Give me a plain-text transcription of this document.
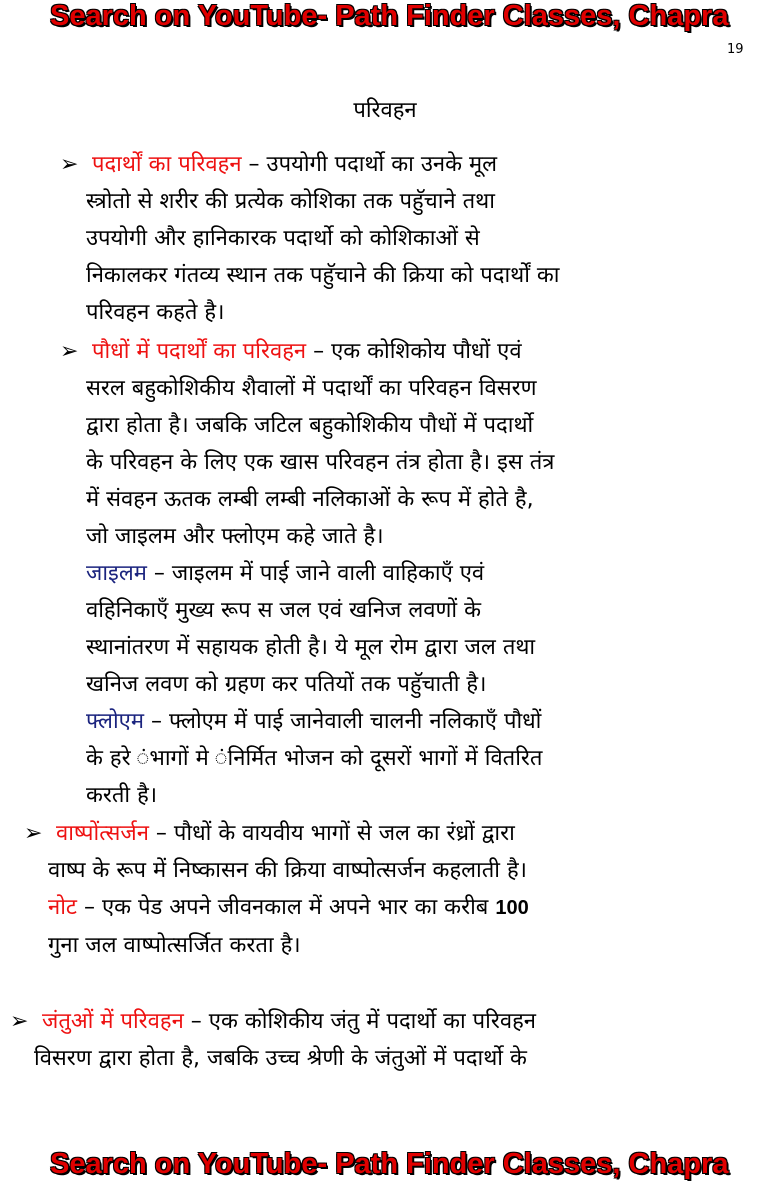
Search on YouTube- Path Finder Classes, Chapra
19
परिवहन
➢ पदार्थों का परिवहन – उपयोगी पदार्थो का उनके मूल
स्त्रोतो से शरीर की प्रत्येक कोशिका तक पहुॅचाने तथा
उपयोगी और हानिकारक पदार्थो को कोशिकाओं से
निकालकर गंतव्य स्थान तक पहुॅचाने की क्रिया को पदार्थों का
परिवहन कहते है।
➢ पौधों में पदार्थों का परिवहन – एक कोशिकोय पौधों एवं
सरल बहुकोशिकीय शैवालों में पदार्थों का परिवहन विसरण
द्वारा होता है। जबकि जटिल बहुकोशिकीय पौधों में पदार्थो
के परिवहन के लिए एक खास परिवहन तंत्र होता है। इस तंत्र
में संवहन ऊतक लम्बी लम्बी नलिकाओं के रूप में होते है,
जो जाइलम और फ्लोएम कहे जाते है।
जाइलम – जाइलम में पाई जाने वाली वाहिकाएँ एवं
वहिनिकाएँ मुख्य रूप स जल एवं खनिज लवणों के
स्थानांतरण में सहायक होती है। ये मूल रोम द्वारा जल तथा
खनिज लवण को ग्रहण कर पतियों तक पहुॅचाती है।
फ्लोएम – फ्लोएम में पाई जानेवाली चालनी नलिकाएँ पौधों
के हरे ंभागों मे ंनिर्मित भोजन को दूसरों भागों में वितरित
करती है।
➢ वाष्पोंत्सर्जन – पौधों के वायवीय भागों से जल का रंध्रों द्वारा
वाष्प के रूप में निष्कासन की क्रिया वाष्पोत्सर्जन कहलाती है।
नोट – एक पेड अपने जीवनकाल में अपने भार का करीब 100
गुना जल वाष्पोत्सर्जित करता है।
➢ जंतुओं में परिवहन – एक कोशिकीय जंतु में पदार्थो का परिवहन
विसरण द्वारा होता है, जबकि उच्च श्रेणी के जंतुओं में पदार्थो के
Search on YouTube- Path Finder Classes, Chapra
